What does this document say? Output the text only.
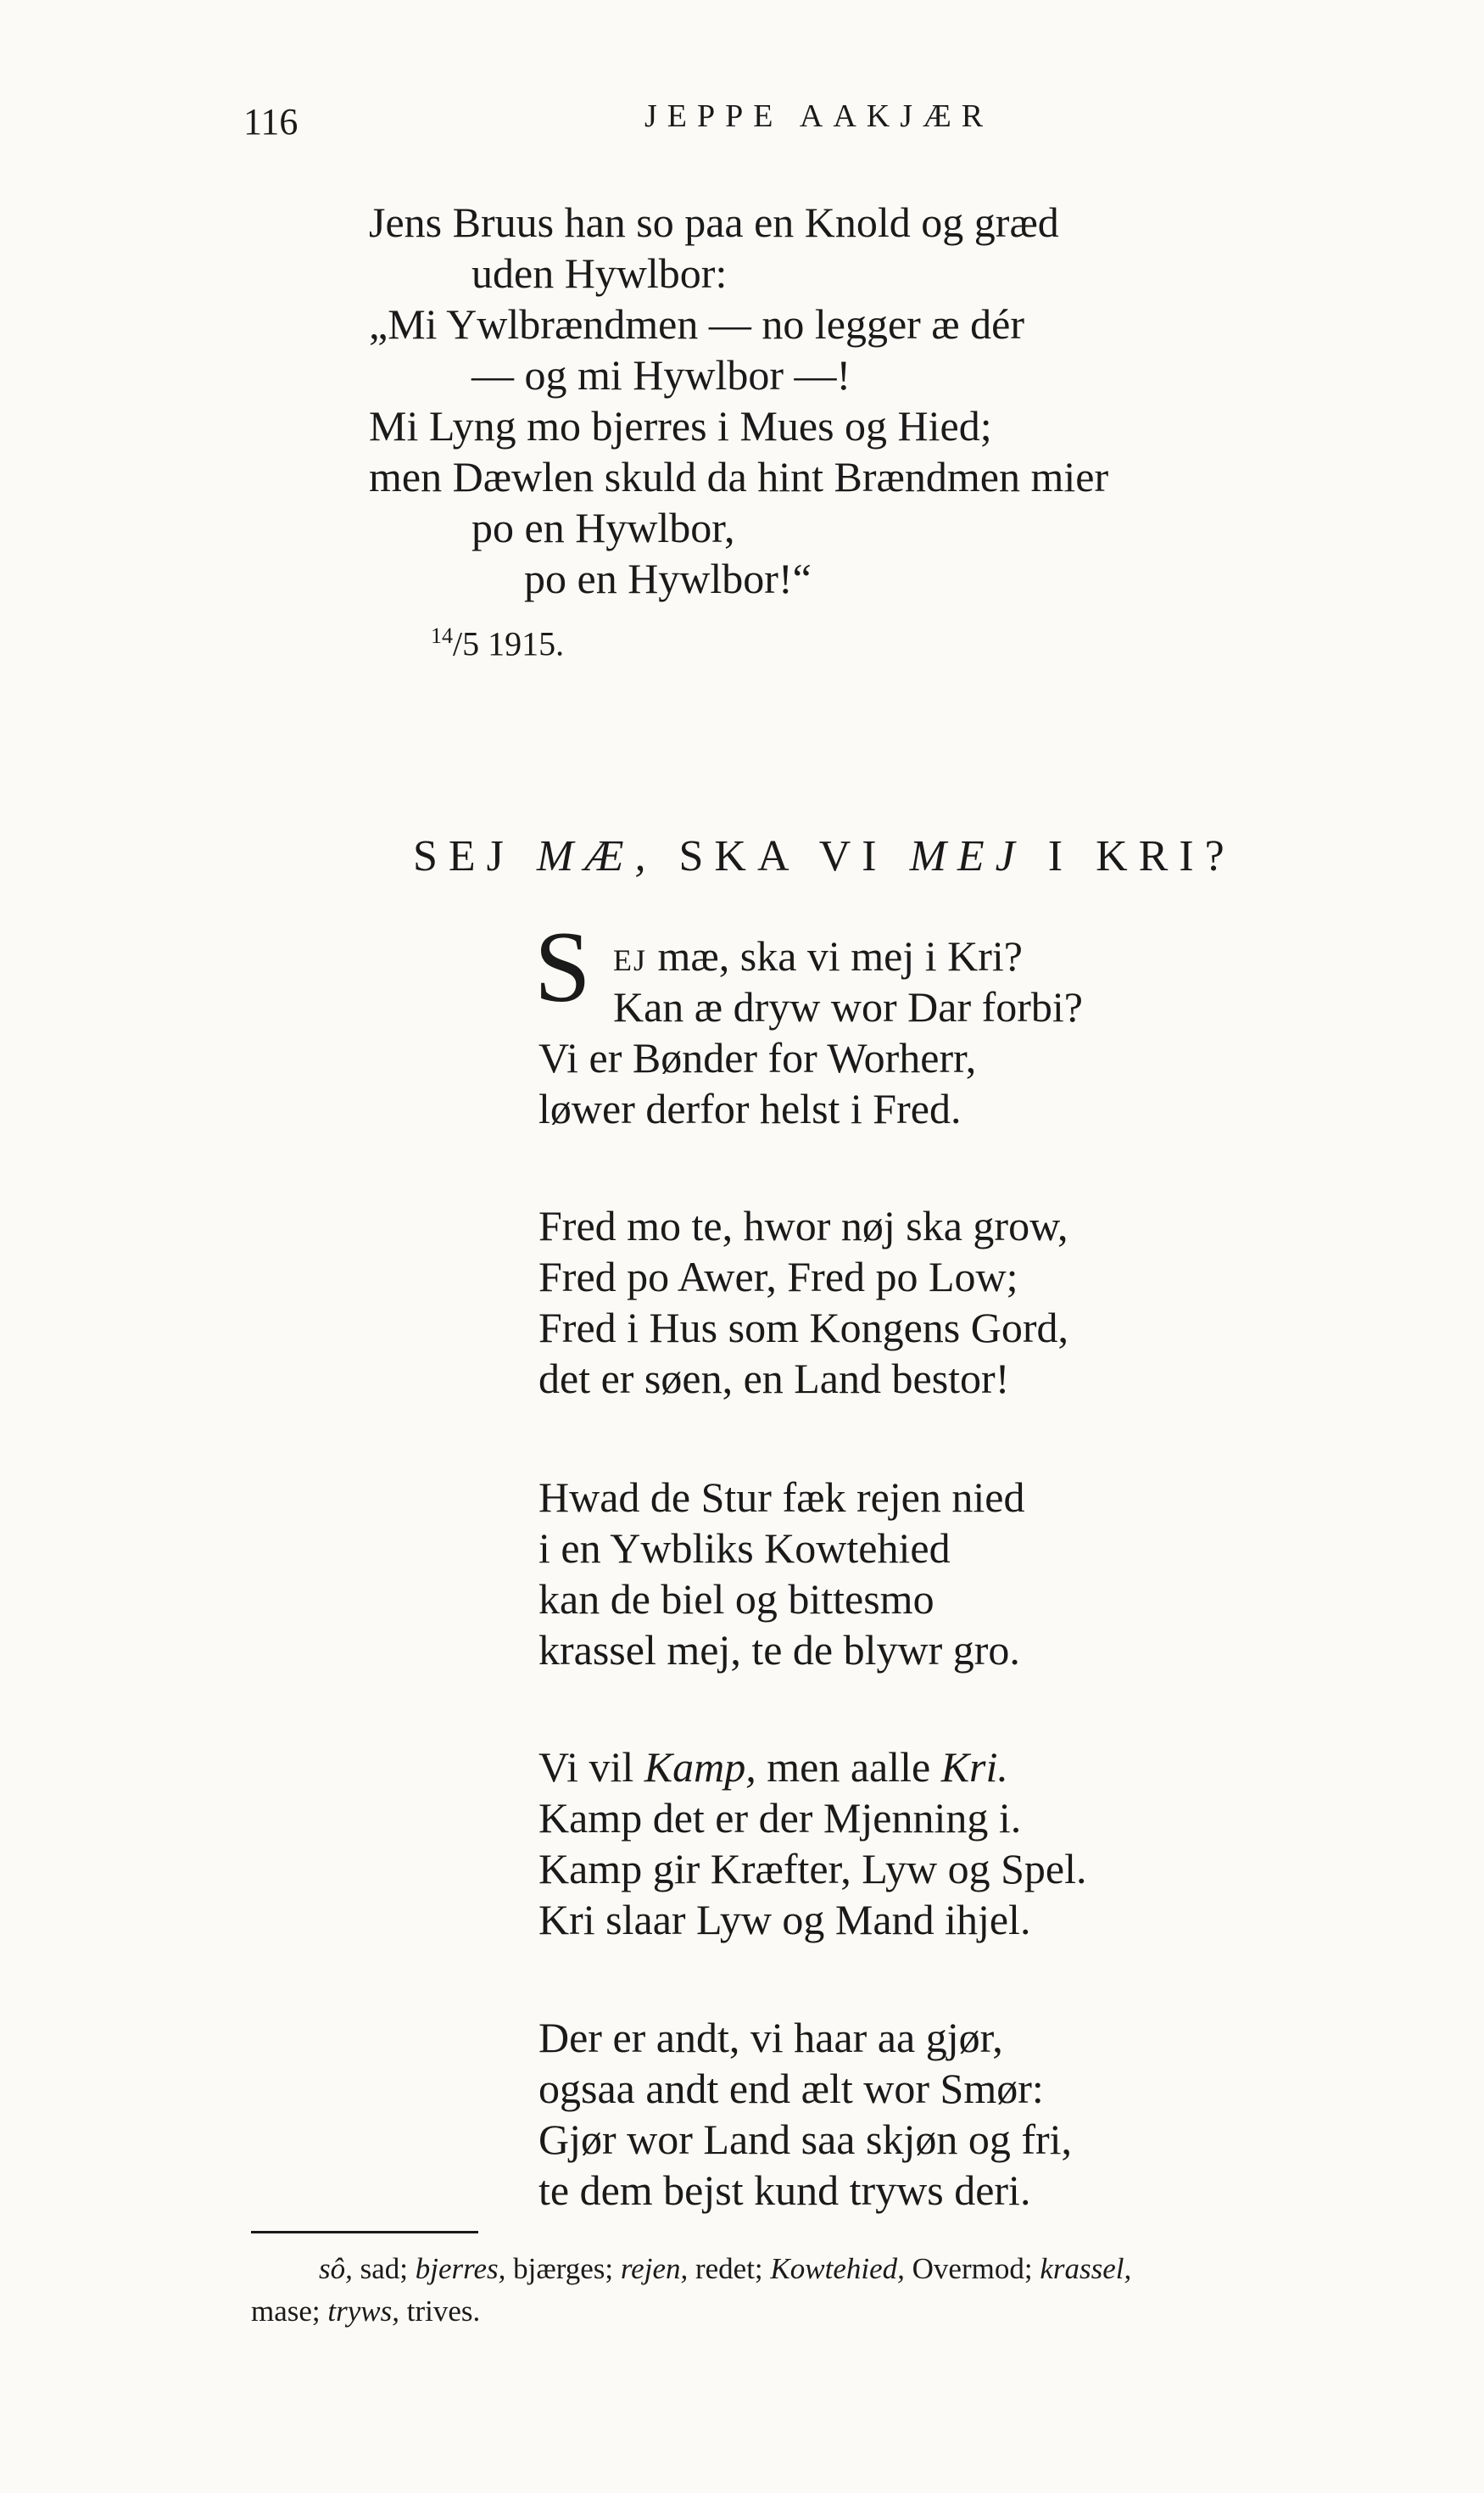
116	JEPPE AAKJÆR
Jens Bruus han so paa en Knold og græd
uden Hywlbor:
„Mi Ywlbrændmen — no legger æ dér
— og mi Hywlbor —!
Mi Lyng mo bjerres i Mues og Hied;
men Dæwlen skuld da hint Brændmen mier
po en Hywlbor,
po en Hywlbor!“
$^{14}$/5 1915.
SEJ MÆ, SKA VI MEJ I KRI?
S EJ mæ, ska vi mej i Kri?
Kan æ dryw wor Dar forbi?
Vi er Bønder for Worherr,
løwer derfor helst i Fred.
Fred mo te, hwor nøj ska grow,
Fred po Awer, Fred po Low;
Fred i Hus som Kongens Gord,
det er søen, en Land bestor!
Hwad de Stur fæk rejen nied
i en Ywbliks Kowtehied
kan de biel og bittesmo
krassel mej, te de blywr gro.
Vi vil Kamp, men aalle Kri.
Kamp det er der Mjenning i.
Kamp gir Kræfter, Lyw og Spel.
Kri slaar Lyw og Mand ihjel.
Der er andt, vi haar aa gjør,
ogsaa andt end ælt wor Smør:
Gjør wor Land saa skjøn og fri,
te dem bejst kund tryws deri.
sô, sad; bjerres, bjærges; rejen, redet; Kowtehied, Overmod; krassel,
mase; tryws, trives.
